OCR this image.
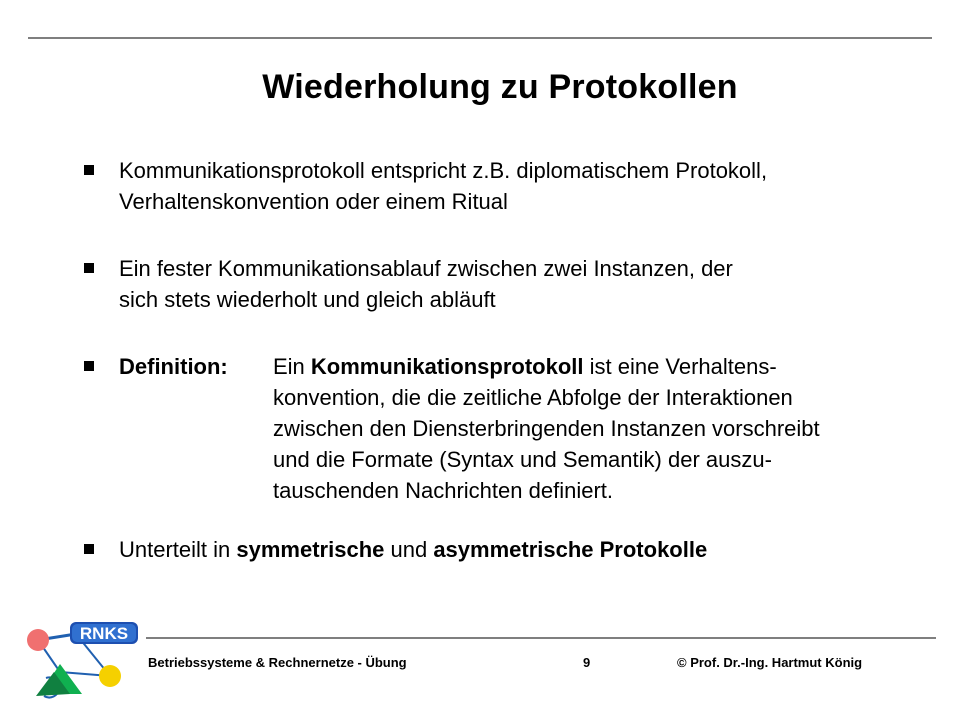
Wiederholung zu Protokollen
Kommunikationsprotokoll entspricht z.B. diplomatischem Protokoll,
Verhaltenskonvention oder einem Ritual
Ein fester Kommunikationsablauf zwischen zwei Instanzen, der
sich stets wiederholt und gleich abläuft
Definition: Ein Kommunikationsprotokoll ist eine Verhaltens-
konvention, die die zeitliche Abfolge der Interaktionen
zwischen den Diensterbringenden Instanzen vorschreibt
und die Formate (Syntax und Semantik) der auszu-
tauschenden Nachrichten definiert.
Unterteilt in symmetrische und asymmetrische Protokolle
RNKS
Betriebssysteme & Rechnernetze - Übung	9	© Prof. Dr.-Ing. Hartmut König
